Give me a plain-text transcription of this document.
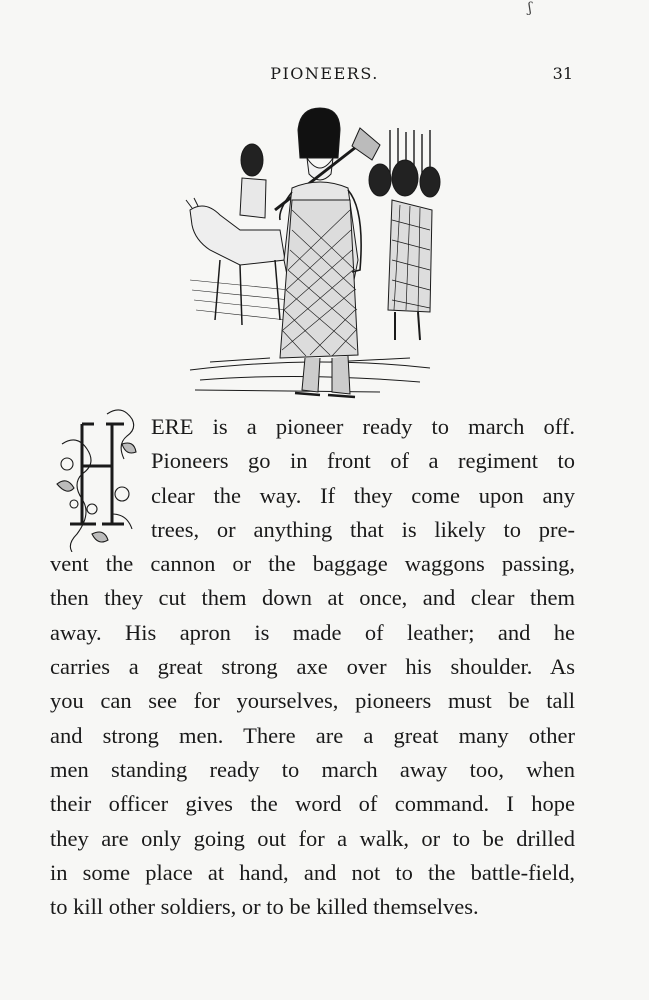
ʃ
PIONEERS.	31
ERE is a pioneer ready to march off.
Pioneers go in front of a regiment to
clear the way. If they come upon any
trees, or anything that is likely to pre-
vent the cannon or the baggage waggons passing,
then they cut them down at once, and clear them
away. His apron is made of leather; and he
carries a great strong axe over his shoulder. As
you can see for yourselves, pioneers must be tall
and strong men. There are a great many other
men standing ready to march away too, when
their officer gives the word of command. I hope
they are only going out for a walk, or to be drilled
in some place at hand, and not to the battle-field,
to kill other soldiers, or to be killed themselves.
